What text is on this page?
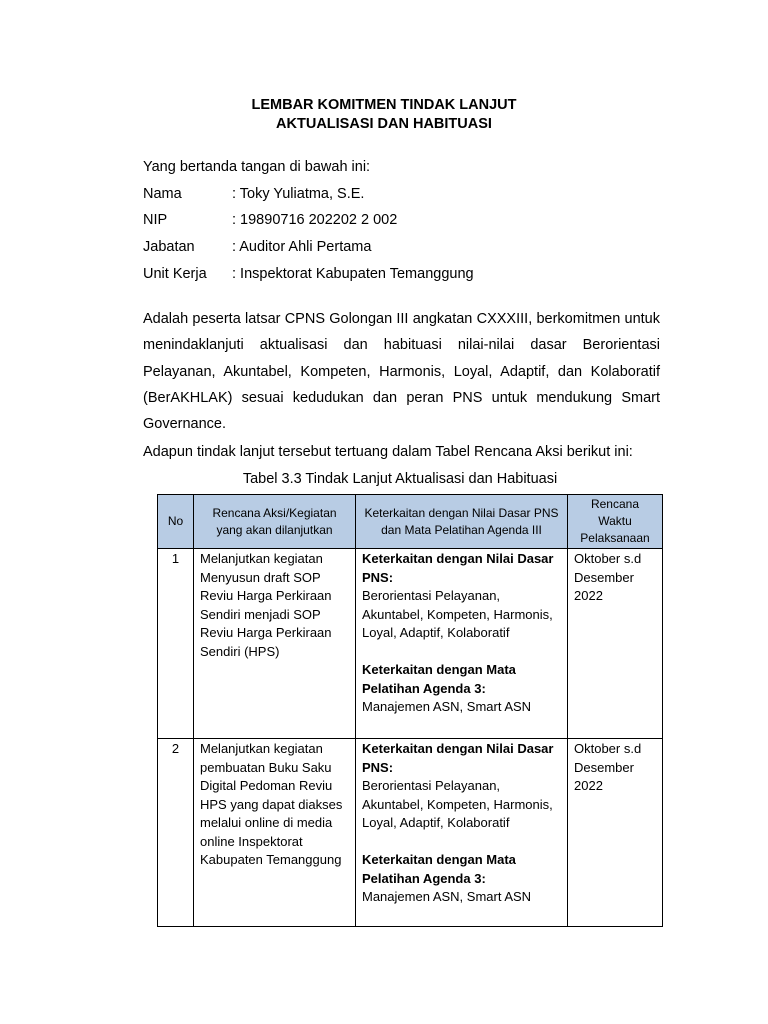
LEMBAR KOMITMEN TINDAK LANJUT
AKTUALISASI DAN HABITUASI
Yang bertanda tangan di bawah ini:
Nama	: Toky Yuliatma, S.E.
NIP	: 19890716 202202 2 002
Jabatan	: Auditor Ahli Pertama
Unit Kerja : Inspektorat Kabupaten Temanggung
Adalah peserta latsar CPNS Golongan III angkatan CXXXIII, berkomitmen untuk menindaklanjuti aktualisasi dan habituasi nilai-nilai dasar Berorientasi Pelayanan, Akuntabel, Kompeten, Harmonis, Loyal, Adaptif, dan Kolaboratif (BerAKHLAK) sesuai kedudukan dan peran PNS untuk mendukung Smart Governance.
Adapun tindak lanjut tersebut tertuang dalam Tabel Rencana Aksi berikut ini:
Tabel 3.3 Tindak Lanjut Aktualisasi dan Habituasi
No	Rencana Aksi/Kegiatan yang akan dilanjutkan	Keterkaitan dengan Nilai Dasar PNS dan Mata Pelatihan Agenda III	Rencana Waktu Pelaksanaan

1	Melanjutkan kegiatan Menyusun draft SOP Reviu Harga Perkiraan Sendiri menjadi SOP Reviu Harga Perkiraan Sendiri (HPS)	Keterkaitan dengan Nilai Dasar PNS:
Berorientasi Pelayanan, Akuntabel, Kompeten, Harmonis, Loyal, Adaptif, Kolaboratif
Keterkaitan dengan Mata Pelatihan Agenda 3:
Manajemen ASN, Smart ASN	Oktober s.d Desember 2022

2	Melanjutkan kegiatan pembuatan Buku Saku Digital Pedoman Reviu HPS yang dapat diakses melalui online di media online Inspektorat Kabupaten Temanggung	Keterkaitan dengan Nilai Dasar PNS:
Berorientasi Pelayanan, Akuntabel, Kompeten, Harmonis, Loyal, Adaptif, Kolaboratif
Keterkaitan dengan Mata Pelatihan Agenda 3:
Manajemen ASN, Smart ASN	Oktober s.d Desember 2022
